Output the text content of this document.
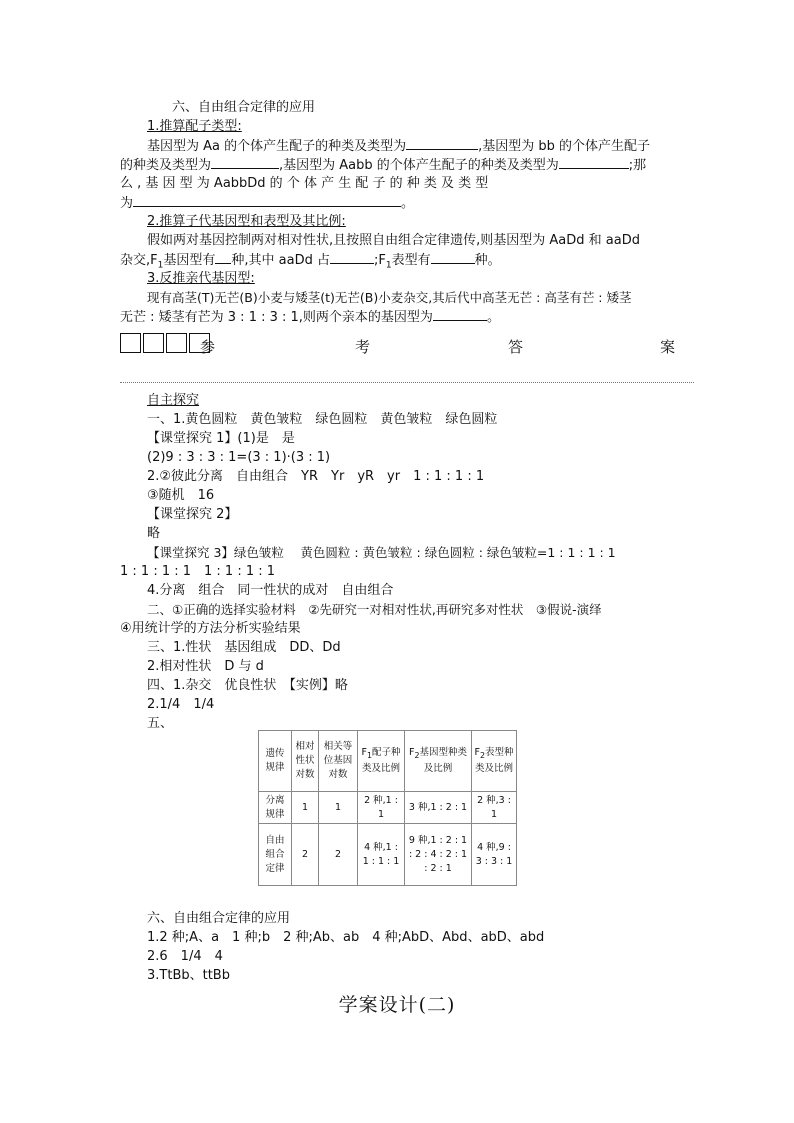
六、自由组合定律的应用
1.推算配子类型:
基因型为 Aa 的个体产生配子的种类及类型为	,基因型为 bb 的个体产生配子
的种类及类型为	,基因型为 Aabb 的个体产生配子的种类及类型为	;那
么 , 基 因 型 为 AabbDd 的 个 体 产 生 配 子 的 种 类 及 类 型
为	。
2.推算子代基因型和表型及其比例:
假如两对基因控制两对相对性状,且按照自由组合定律遗传,则基因型为 AaDd 和 aaDd
杂交$,F_1$基因型有 种,其中 aaDd 占	$;F_1$表型有	种。
3.反推亲代基因型:
现有高茎(T)无芒(B)小麦与矮茎(t)无芒(B)小麦杂交,其后代中高茎无芒 : 高茎有芒 : 矮茎
无芒 : 矮茎有芒为 3 : 1 : 3 : 1,则两个亲本的基因型为	。
参	考	答	案
自主探究
一、1.黄色圆粒　黄色皱粒　绿色圆粒　黄色皱粒　绿色圆粒
【课堂探究 1】(1)是　是
(2)9 : 3 : 3 : 1=(3 : 1)·(3 : 1)
2.②彼此分离　自由组合　YR　Yr　yR　yr　1 : 1 : 1 : 1
③随机　16
【课堂探究 2】
略
【课堂探究 3】绿色皱粒　 黄色圆粒 : 黄色皱粒 : 绿色圆粒 : 绿色皱粒=1 : 1 : 1 : 1
1 : 1 : 1 : 1　1 : 1 : 1 : 1
4.分离　组合　同一性状的成对　自由组合
二、①正确的选择实验材料　②先研究一对相对性状,再研究多对性状　③假说-演绎
④用统计学的方法分析实验结果
三、1.性状　基因组成　DD、Dd
2.相对性状　D 与 d
四、1.杂交　优良性状　【实例】略
2.1/4　1/4
五、
遗传规律	相对性状对数	相关等位基因对数	$F_1$配子种类及比例	$F_2$基因型种类及比例	$F_2$表型种类及比例
分离规律	1	1	2 种,1 : 1	3 种,1 : 2 : 1	2 种,3 : 1
自由组合定律	2	2	4 种,1 : 1 : 1 : 1	9 种,1 : 2 : 1 : 2 : 4 : 2 : 1 : 2 : 1	4 种,9 : 3 : 3 : 1
六、自由组合定律的应用
1.2 种;A、a　1 种;b　2 种;Ab、ab　4 种;AbD、Abd、abD、abd
2.6　1/4　4
3.TtBb、ttBb
学案设计(二)
